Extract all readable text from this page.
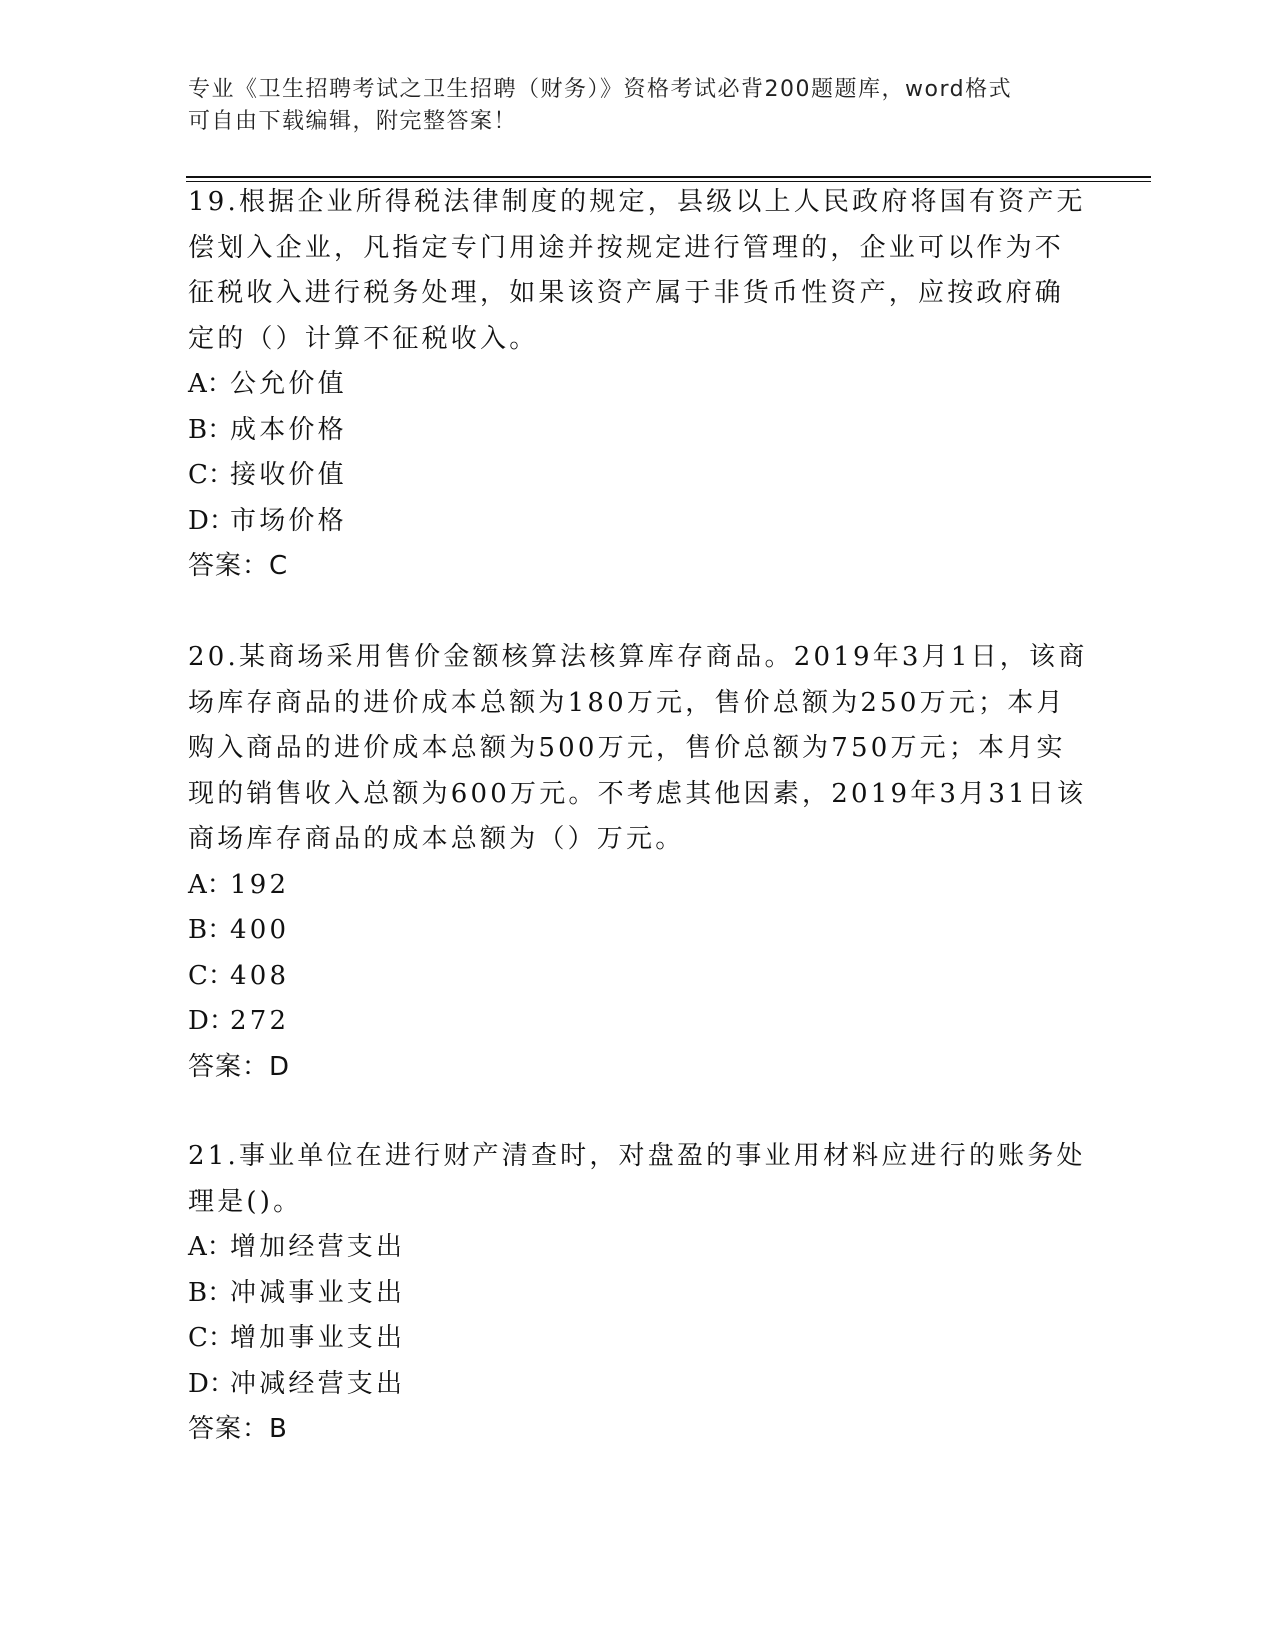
专业《卫生招聘考试之卫生招聘（财务）》资格考试必背200题题库，word格式
可自由下载编辑，附完整答案！
19.根据企业所得税法律制度的规定，县级以上人民政府将国有资产无
偿划入企业，凡指定专门用途并按规定进行管理的，企业可以作为不
征税收入进行税务处理，如果该资产属于非货币性资产，应按政府确
定的（）计算不征税收入。
A：公允价值
B：成本价格
C：接收价值
D：市场价格
答案：C
20.某商场采用售价金额核算法核算库存商品。2019年3月1日，该商
场库存商品的进价成本总额为180万元，售价总额为250万元；本月
购入商品的进价成本总额为500万元，售价总额为750万元；本月实
现的销售收入总额为600万元。不考虑其他因素，2019年3月31日该
商场库存商品的成本总额为（）万元。
A：192
B：400
C：408
D：272
答案：D
21.事业单位在进行财产清查时，对盘盈的事业用材料应进行的账务处
理是()。
A：增加经营支出
B：冲减事业支出
C：增加事业支出
D：冲减经营支出
答案：B
